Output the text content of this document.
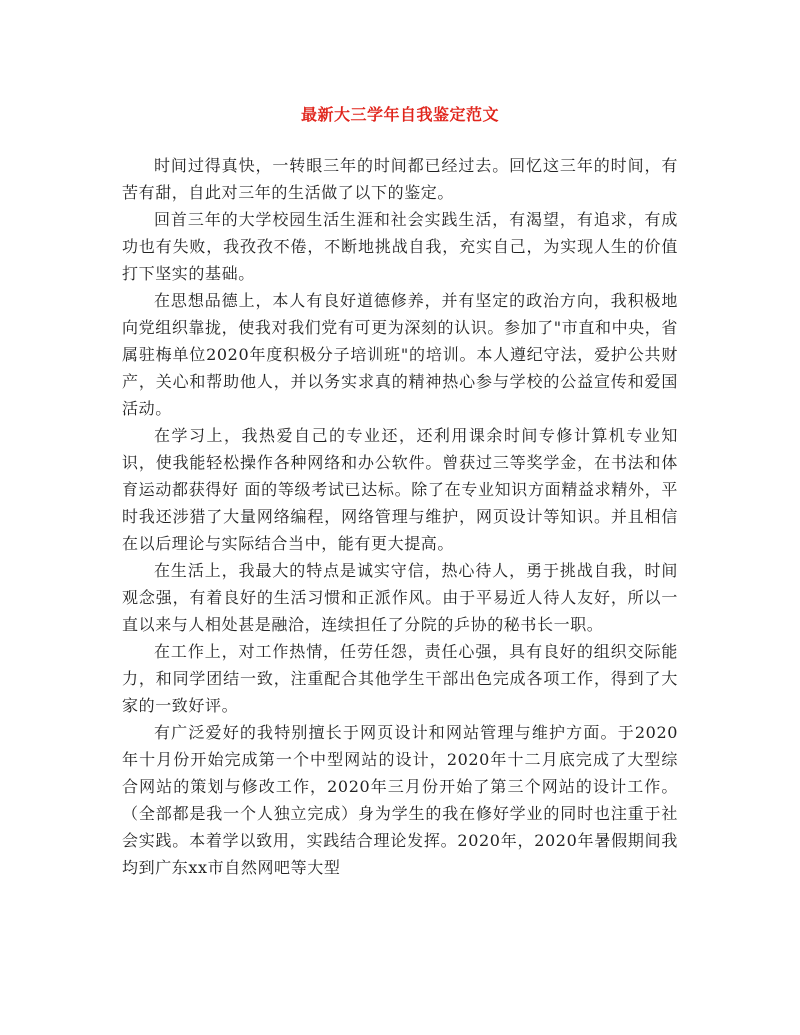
最新大三学年自我鉴定范文

时间过得真快，一转眼三年的时间都已经过去。回忆这三年的时间，有苦有甜，自此对三年的生活做了以下的鉴定。

回首三年的大学校园生活生涯和社会实践生活，有渴望，有追求，有成功也有失败，我孜孜不倦，不断地挑战自我，充实自己，为实现人生的价值打下坚实的基础。

在思想品德上，本人有良好道德修养，并有坚定的政治方向，我积极地向党组织靠拢，使我对我们党有可更为深刻的认识。参加了"市直和中央，省属驻梅单位2020年度积极分子培训班"的培训。本人遵纪守法，爱护公共财产，关心和帮助他人，并以务实求真的精神热心参与学校的公益宣传和爱国活动。

在学习上，我热爱自己的专业还，还利用课余时间专修计算机专业知识，使我能轻松操作各种网络和办公软件。曾获过三等奖学金，在书法和体育运动都获得好 面的等级考试已达标。除了在专业知识方面精益求精外，平时我还涉猎了大量网络编程，网络管理与维护，网页设计等知识。并且相信在以后理论与实际结合当中，能有更大提高。

在生活上，我最大的特点是诚实守信，热心待人，勇于挑战自我，时间观念强，有着良好的生活习惯和正派作风。由于平易近人待人友好，所以一直以来与人相处甚是融洽，连续担任了分院的乒协的秘书长一职。

在工作上，对工作热情，任劳任怨，责任心强，具有良好的组织交际能力，和同学团结一致，注重配合其他学生干部出色完成各项工作，得到了大家的一致好评。

有广泛爱好的我特别擅长于网页设计和网站管理与维护方面。于2020年十月份开始完成第一个中型网站的设计，2020年十二月底完成了大型综合网站的策划与修改工作，2020年三月份开始了第三个网站的设计工作。（全部都是我一个人独立完成）身为学生的我在修好学业的同时也注重于社会实践。本着学以致用，实践结合理论发挥。2020年，2020年暑假期间我均到广东xx市自然网吧等大型
